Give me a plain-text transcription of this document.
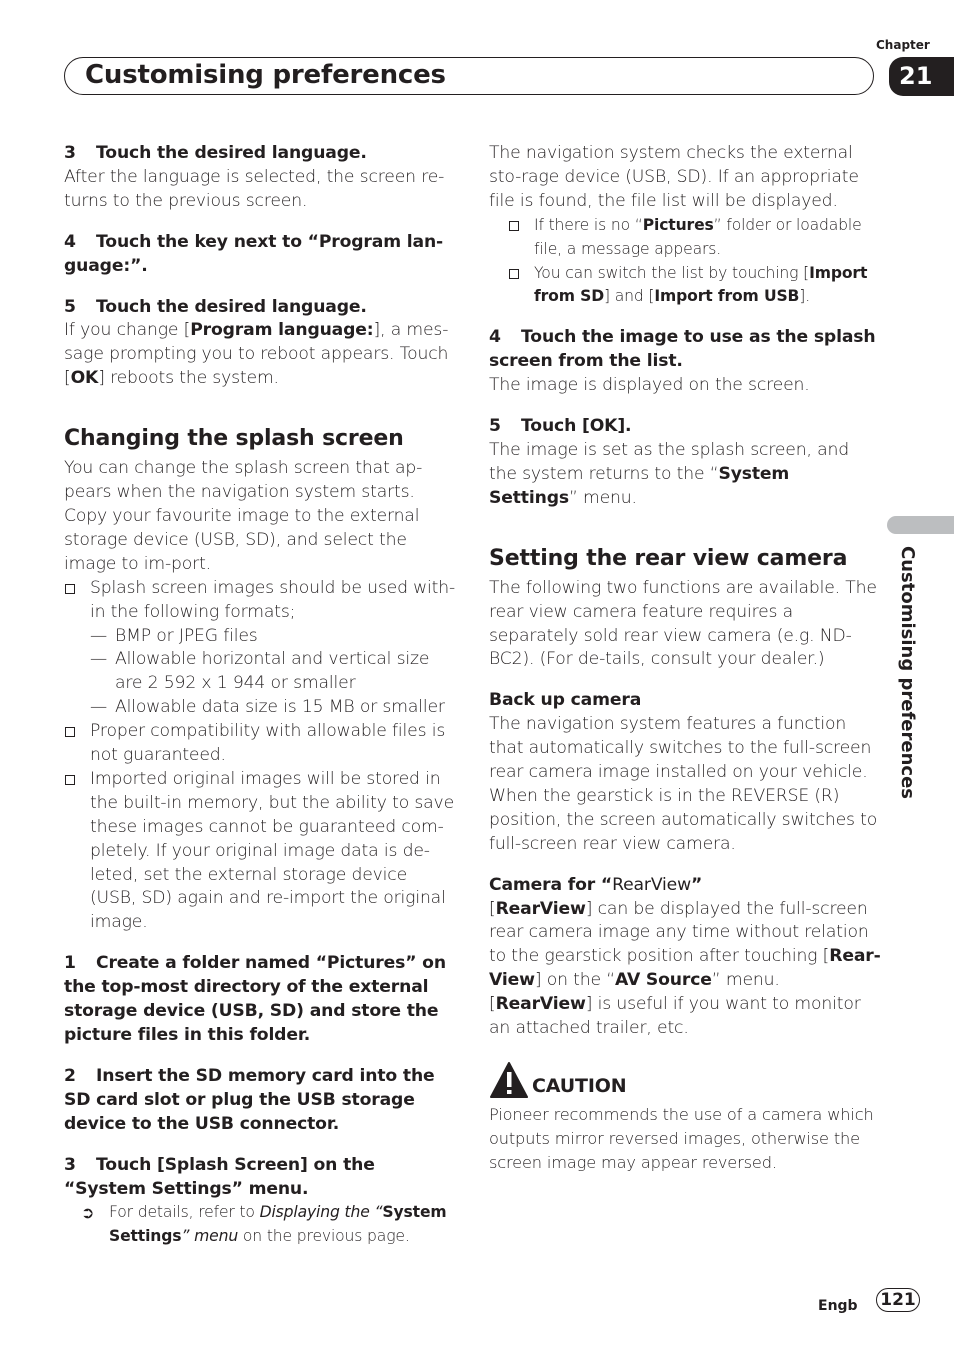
Chapter
Customising preferences	21
Customising preferences

3 Touch the desired language.

After the language is selected, the screen re-turns to the previous screen.

4 Touch the key next to “Program lan-guage:”.

5 Touch the desired language.

If you change [Program language:], a mes-sage prompting you to reboot appears. Touch [OK] reboots the system.

Changing the splash screen

You can change the splash screen that ap-pears when the navigation system starts. Copy your favourite image to the external storage device (USB, SD), and select the image to im-port.

Splash screen images should be used with-in the following formats;

— BMP or JPEG files

— Allowable horizontal and vertical size are 2 592 x 1 944 or smaller

— Allowable data size is 15 MB or smaller

Proper compatibility with allowable files is not guaranteed.

Imported original images will be stored in the built-in memory, but the ability to save these images cannot be guaranteed com-pletely. If your original image data is de-leted, set the external storage device (USB, SD) again and re-import the original image.

1 Create a folder named “Pictures” on the top-most directory of the external storage device (USB, SD) and store the picture files in this folder.

2 Insert the SD memory card into the SD card slot or plug the USB storage device to the USB connector.

3 Touch [Splash Screen] on the “System Settings” menu.

➲ For details, refer to Displaying the “System Settings” menu on the previous page.

The navigation system checks the external sto-rage device (USB, SD). If an appropriate file is found, the file list will be displayed.

If there is no “Pictures” folder or loadable file, a message appears.

You can switch the list by touching [Import from SD] and [Import from USB].

4 Touch the image to use as the splash screen from the list.

The image is displayed on the screen.

5 Touch [OK].

The image is set as the splash screen, and the system returns to the “System Settings” menu.

Setting the rear view camera

The following two functions are available. The rear view camera feature requires a separately sold rear view camera (e.g. ND-BC2). (For de-tails, consult your dealer.)

Back up camera

The navigation system features a function that automatically switches to the full-screen rear camera image installed on your vehicle. When the gearstick is in the REVERSE (R) position, the screen automatically switches to full-screen rear view camera.

Camera for “RearView”

[RearView] can be displayed the full-screen rear camera image any time without relation to the gearstick position after touching [Rear-View] on the “AV Source” menu. [RearView] is useful if you want to monitor an attached trailer, etc.

CAUTION

Pioneer recommends the use of a camera which outputs mirror reversed images, otherwise the screen image may appear reversed.

Engb 121
